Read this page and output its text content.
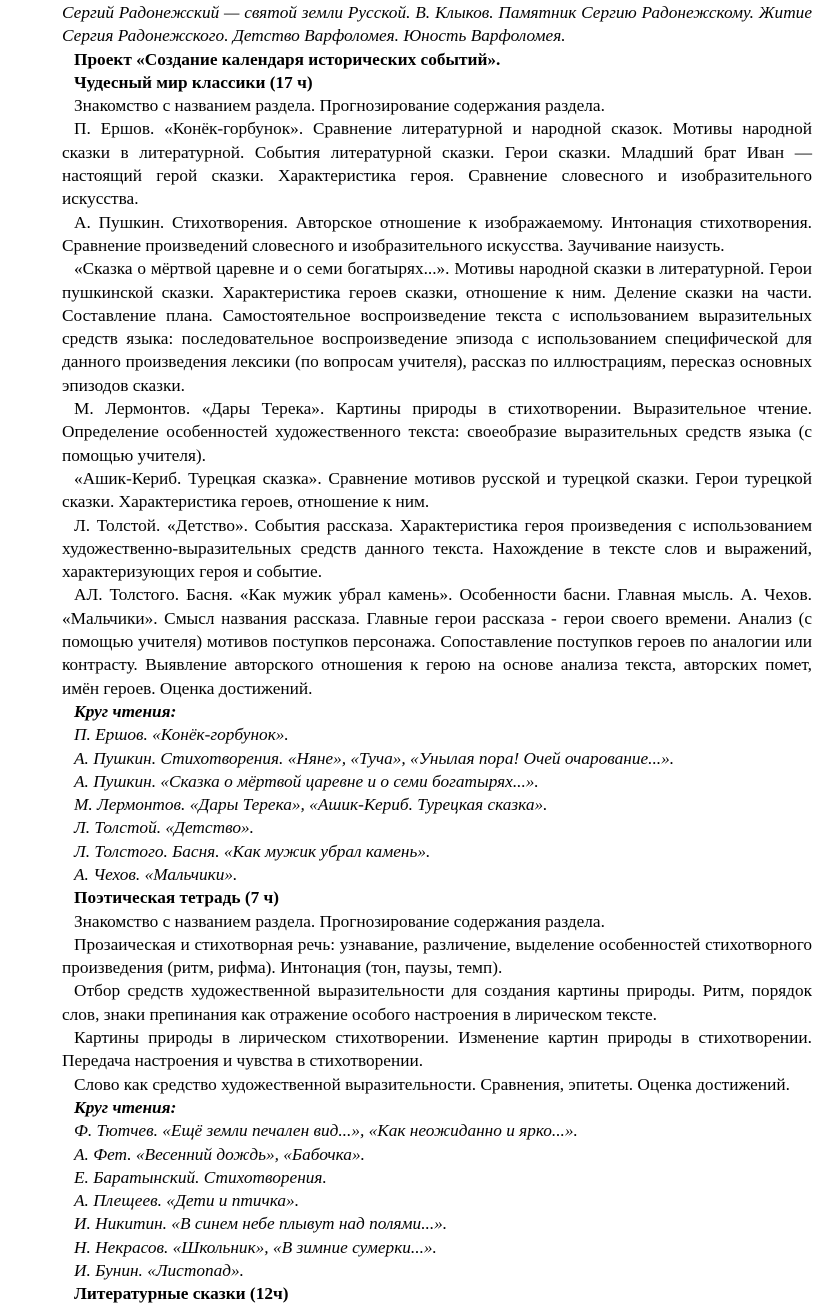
Сергий Радонежский — святой земли Русской. В. Клыков. Памятник Сергию Радонежскому. Житие Сергия Радонежского. Детство Варфоломея. Юность Варфоломея.

Проект «Создание календаря исторических событий».

Чудесный мир классики (17 ч)

Знакомство с названием раздела. Прогнозирование содержания раздела.

П. Ершов. «Конёк-горбунок». Сравнение литературной и народной сказок. Мотивы народной сказки в литературной. События литературной сказки. Герои сказки. Младший брат Иван — настоящий герой сказки. Характеристика героя. Сравнение словесного и изобразительного искусства.

А. Пушкин. Стихотворения. Авторское отношение к изображаемому. Интонация стихотворения. Сравнение произведений словесного и изобразительного искусства. Заучивание наизусть.

«Сказка о мёртвой царевне и о семи богатырях...». Мотивы народной сказки в литературной. Герои пушкинской сказки. Характеристика героев сказки, отношение к ним. Деление сказки на части. Составление плана. Самостоятельное воспроизведение текста с использованием выразительных средств языка: последовательное воспроизведение эпизода с использованием специфической для данного произведения лексики (по вопросам учителя), рассказ по иллюстрациям, пересказ основных эпизодов сказки.

М. Лермонтов. «Дары Терека». Картины природы в стихотворении. Выразительное чтение. Определение особенностей художественного текста: своеобразие выразительных средств языка (с помощью учителя).

«Ашик-Кериб. Турецкая сказка». Сравнение мотивов русской и турецкой сказки. Герои турецкой сказки. Характеристика героев, отношение к ним.

Л. Толстой. «Детство». События рассказа. Характеристика героя произведения с использованием художественно-выразительных средств данного текста. Нахождение в тексте слов и выражений, характеризующих героя и событие.

АЛ. Толстого. Басня. «Как мужик убрал камень». Особенности басни. Главная мысль. А. Чехов. «Мальчики». Смысл названия рассказа. Главные герои рассказа - герои своего времени. Анализ (с помощью учителя) мотивов поступков персонажа. Сопоставление поступков героев по аналогии или контрасту. Выявление авторского отношения к герою на основе анализа текста, авторских помет, имён героев. Оценка достижений.

Круг чтения:

П. Ершов. «Конёк-горбунок».
А. Пушкин. Стихотворения. «Няне», «Туча», «Унылая пора! Очей очарование...».
А. Пушкин. «Сказка о мёртвой царевне и о семи богатырях...».
М. Лермонтов. «Дары Терека», «Ашик-Кериб. Турецкая сказка».
Л. Толстой. «Детство».
Л. Толстого. Басня. «Как мужик убрал камень».
А. Чехов. «Мальчики».

Поэтическая тетрадь (7 ч)

Знакомство с названием раздела. Прогнозирование содержания раздела.

Прозаическая и стихотворная речь: узнавание, различение, выделение особенностей стихотворного произведения (ритм, рифма). Интонация (тон, паузы, темп).

Отбор средств художественной выразительности для создания картины природы. Ритм, порядок слов, знаки препинания как отражение особого настроения в лирическом тексте.

Картины природы в лирическом стихотворении. Изменение картин природы в стихотворении. Передача настроения и чувства в стихотворении.

Слово как средство художественной выразительности. Сравнения, эпитеты. Оценка достижений.

Круг чтения:

Ф. Тютчев. «Ещё земли печален вид...», «Как неожиданно и ярко...».
А. Фет. «Весенний дождь», «Бабочка».
Е. Баратынский. Стихотворения.
А. Плещеев. «Дети и птичка».
И. Никитин. «В синем небе плывут над полями...».
Н. Некрасов. «Школьник», «В зимние сумерки...».
И. Бунин. «Листопад».

Литературные сказки (12ч)
